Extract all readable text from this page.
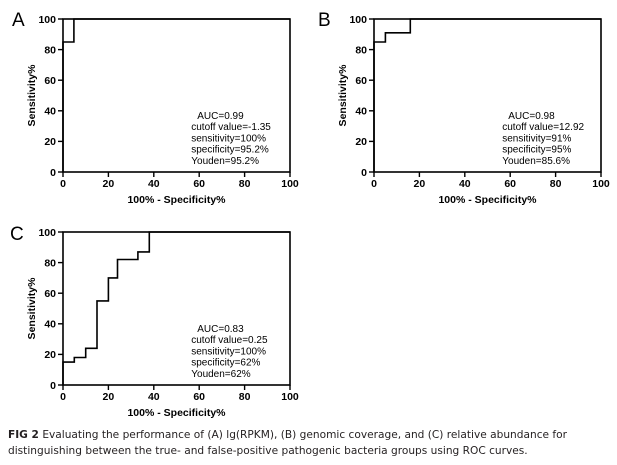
A
0	20	40	60	80	100
0
20
40
60
80
100
100% - Specificity%
Sensitivity%	AUC=0.99
cutoff value=-1.35
sensitivity=100%
specificity=95.2%
Youden=95.2%
B
0	20	40	60	80	100
0
20
40
60
80
100
100% - Specificity%
Sensitivity%	AUC=0.98
cutoff value=12.92
sensitivity=91%
specificity=95%
Youden=85.6%
C
0	20	40	60	80	100
0
20
40
60
80
100
100% - Specificity%
Sensitivity%	AUC=0.83
cutoff value=0.25
sensitivity=100%
specificity=62%
Youden=62%
FIG 2 Evaluating the performance of (A) lg(RPKM), (B) genomic coverage, and (C) relative abundance for distinguishing between the true- and false-positive pathogenic bacteria groups using ROC curves.
